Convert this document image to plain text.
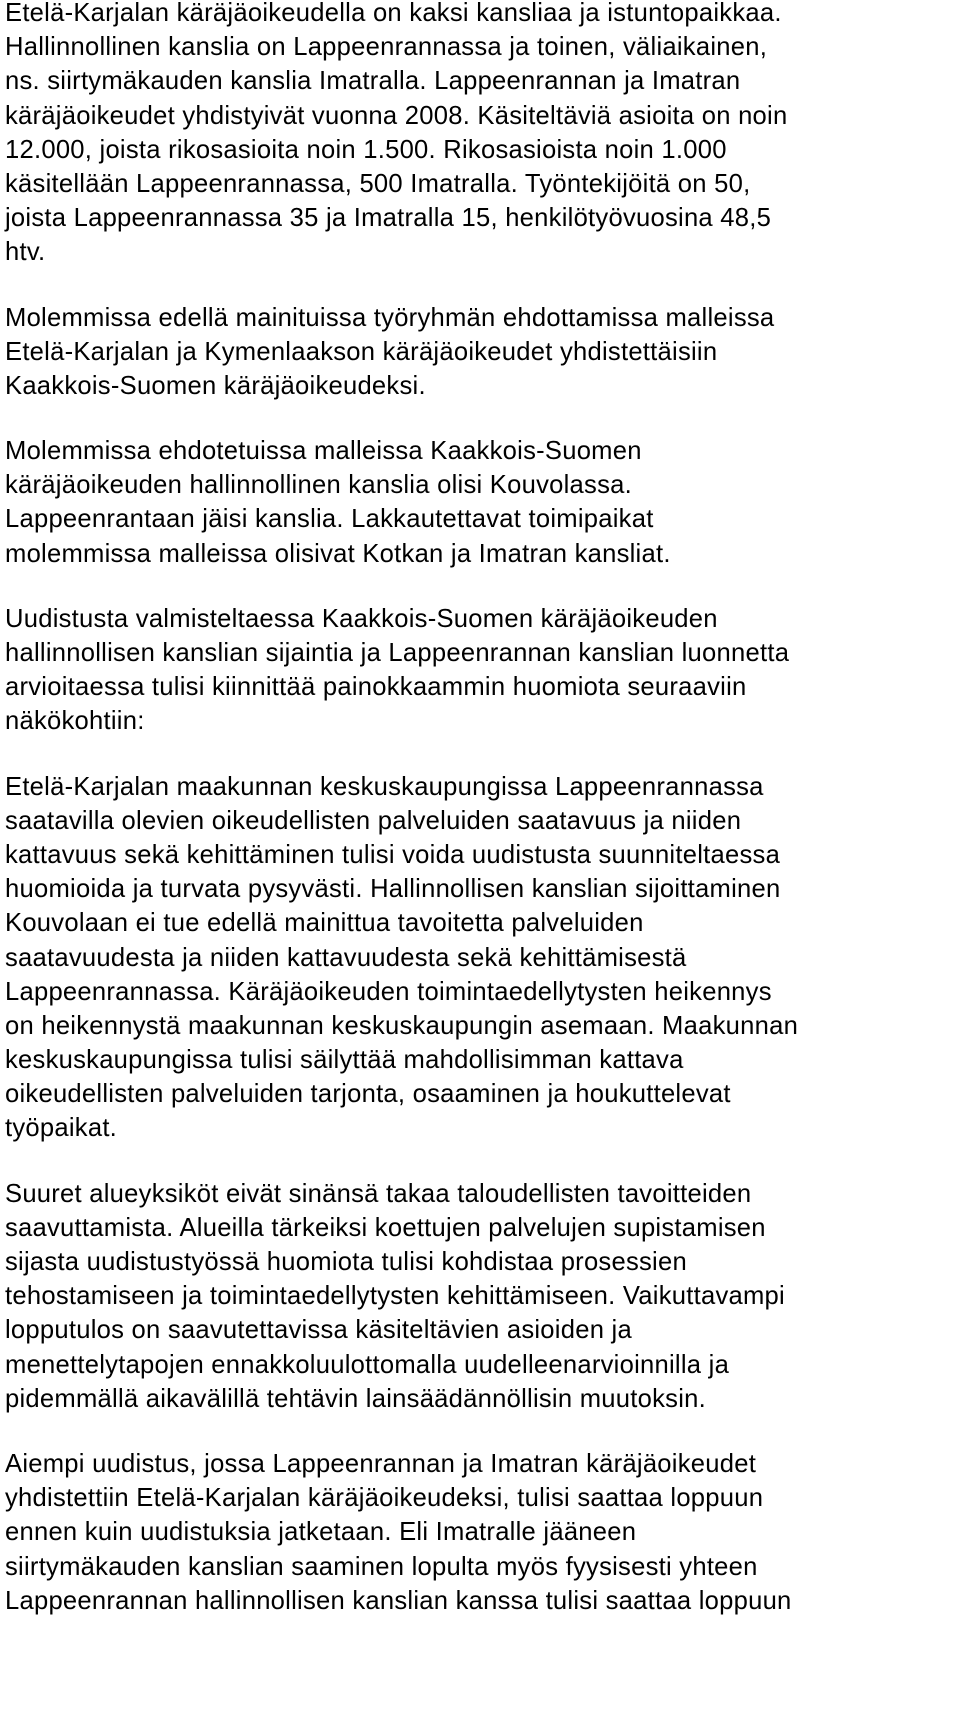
Etelä-Karjalan käräjäoikeudella on kaksi kansliaa ja istuntopaikkaa.
Hallinnollinen kanslia on Lappeenrannassa ja toinen, väliaikainen,
ns. siirtymäkauden kanslia Imatralla. Lappeenrannan ja Imatran
käräjäoikeudet yhdistyivät vuonna 2008. Käsiteltäviä asioita on noin
12.000, joista rikosasioita noin 1.500. Rikosasioista noin 1.000
käsitellään Lappeenrannassa, 500 Imatralla. Työntekijöitä on 50,
joista Lappeenrannassa 35 ja Imatralla 15, henkilötyövuosina 48,5
htv.
Molemmissa edellä mainituissa työryhmän ehdottamissa malleissa
Etelä-Karjalan ja Kymenlaakson käräjäoikeudet yhdistettäisiin
Kaakkois-Suomen käräjäoikeudeksi.
Molemmissa ehdotetuissa malleissa Kaakkois-Suomen
käräjäoikeuden hallinnollinen kanslia olisi Kouvolassa.
Lappeenrantaan jäisi kanslia. Lakkautettavat toimipaikat
molemmissa malleissa olisivat Kotkan ja Imatran kansliat.
Uudistusta valmisteltaessa Kaakkois-Suomen käräjäoikeuden
hallinnollisen kanslian sijaintia ja Lappeenrannan kanslian luonnetta
arvioitaessa tulisi kiinnittää painokkaammin huomiota seuraaviin
näkökohtiin:
Etelä-Karjalan maakunnan keskuskaupungissa Lappeenrannassa
saatavilla olevien oikeudellisten palveluiden saatavuus ja niiden
kattavuus sekä kehittäminen tulisi voida uudistusta suunniteltaessa
huomioida ja turvata pysyvästi. Hallinnollisen kanslian sijoittaminen
Kouvolaan ei tue edellä mainittua tavoitetta palveluiden
saatavuudesta ja niiden kattavuudesta sekä kehittämisestä
Lappeenrannassa. Käräjäoikeuden toimintaedellytysten heikennys
on heikennystä maakunnan keskuskaupungin asemaan. Maakunnan
keskuskaupungissa tulisi säilyttää mahdollisimman kattava
oikeudellisten palveluiden tarjonta, osaaminen ja houkuttelevat
työpaikat.
Suuret alueyksiköt eivät sinänsä takaa taloudellisten tavoitteiden
saavuttamista. Alueilla tärkeiksi koettujen palvelujen supistamisen
sijasta uudistustyössä huomiota tulisi kohdistaa prosessien
tehostamiseen ja toimintaedellytysten kehittämiseen. Vaikuttavampi
lopputulos on saavutettavissa käsiteltävien asioiden ja
menettelytapojen ennakkoluulottomalla uudelleenarvioinnilla ja
pidemmällä aikavälillä tehtävin lainsäädännöllisin muutoksin.
Aiempi uudistus, jossa Lappeenrannan ja Imatran käräjäoikeudet
yhdistettiin Etelä-Karjalan käräjäoikeudeksi, tulisi saattaa loppuun
ennen kuin uudistuksia jatketaan. Eli Imatralle jääneen
siirtymäkauden kanslian saaminen lopulta myös fyysisesti yhteen
Lappeenrannan hallinnollisen kanslian kanssa tulisi saattaa loppuun
